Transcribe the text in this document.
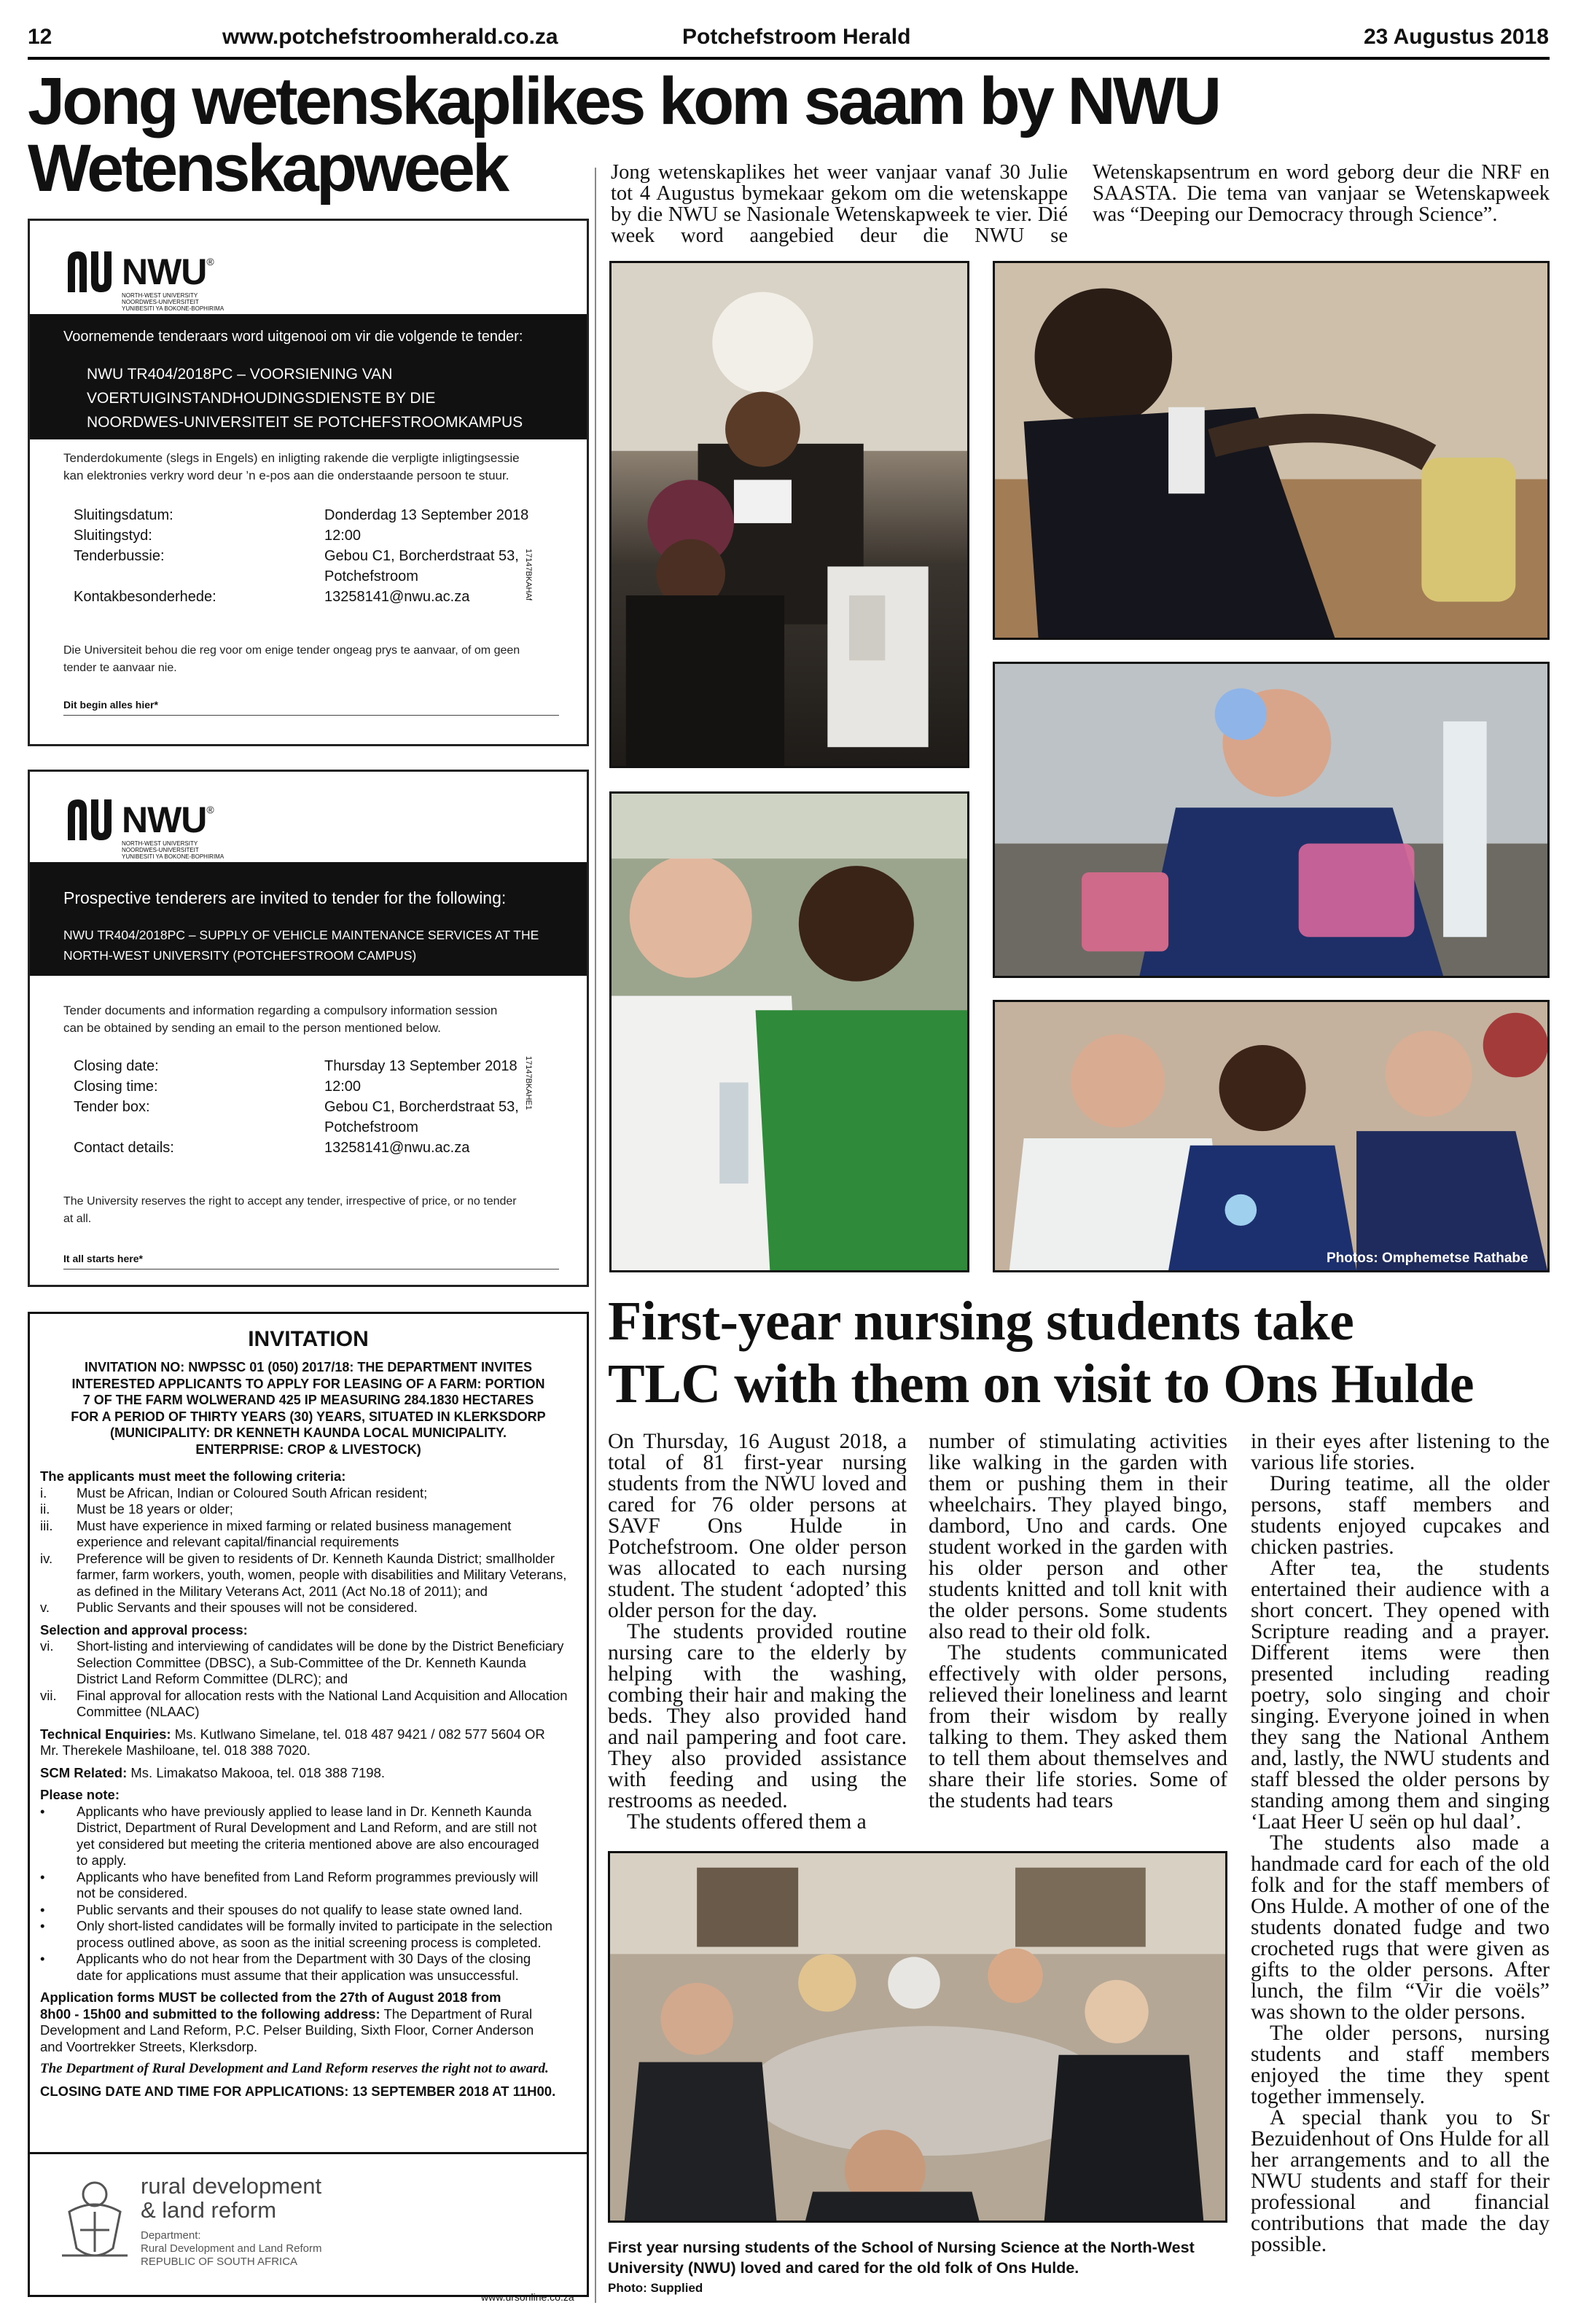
12	www.potchefstroomherald.co.za	Potchefstroom Herald	23 Augustus 2018
Jong wetenskaplikes kom saam by NWU
Wetenskapweek	Jong wetenskaplikes het weer vanjaar vanaf 30 Julie tot 4 Augustus bymekaar gekom om die wetenskappe by die NWU se Nasionale Wetenskapweek te vier. Dié week word aangebied deur die NWU se Wetenskapsentrum en word geborg deur die NRF en SAASTA. Die tema van vanjaar se Wetenskapweek was “Deeping our Democracy through Science”.

Photos: Omphemetse Rathabe
NWU ®
NORTH-WEST UNIVERSITY
NOORDWES-UNIVERSITEIT
YUNIBESITI YA BOKONE-BOPHIRIMA
Voornemende tenderaars word uitgenooi om vir die volgende te tender:
NWU TR404/2018PC – VOORSIENING VAN
VOERTUIGINSTANDHOUDINGSDIENSTE BY DIE
NOORDWES-UNIVERSITEIT SE POTCHEFSTROOMKAMPUS
Tenderdokumente (slegs in Engels) en inligting rakende die verpligte inligtingsessie
kan elektronies verkry word deur ’n e-pos aan die onderstaande persoon te stuur.
Sluitingsdatum:	Donderdag 13 September 2018
Sluitingstyd:	12:00
Tenderbussie:	Gebou C1, Borcherdstraat 53,
Potchefstroom
Kontakbesonderhede:	13258141@nwu.ac.za	17147BKAHAf
Die Universiteit behou die reg voor om enige tender ongeag prys te aanvaar, of om geen
tender te aanvaar nie.
Dit begin alles hier*
NWU ®
NORTH-WEST UNIVERSITY
NOORDWES-UNIVERSITEIT
YUNIBESITI YA BOKONE-BOPHIRIMA
Prospective tenderers are invited to tender for the following:
NWU TR404/2018PC – SUPPLY OF VEHICLE MAINTENANCE SERVICES AT THE
NORTH-WEST UNIVERSITY (POTCHEFSTROOM CAMPUS)
Tender documents and information regarding a compulsory information session
can be obtained by sending an email to the person mentioned below.
Closing date:	Thursday 13 September 2018
Closing time:	12:00
Tender box:	Gebou C1, Borcherdstraat 53,
Potchefstroom
Contact details:	13258141@nwu.ac.za
17147BKAHE1
The University reserves the right to accept any tender, irrespective of price, or no tender
at all.
It all starts here*
INVITATION
INVITATION NO: NWPSSC 01 (050) 2017/18: THE DEPARTMENT INVITES
INTERESTED APPLICANTS TO APPLY FOR LEASING OF A FARM: PORTION
7 OF THE FARM WOLWERAND 425 IP MEASURING 284.1830 HECTARES
FOR A PERIOD OF THIRTY YEARS (30) YEARS, SITUATED IN KLERKSDORP
(MUNICIPALITY: DR KENNETH KAUNDA LOCAL MUNICIPALITY.
ENTERPRISE: CROP & LIVESTOCK)
The applicants must meet the following criteria:
i.	Must be African, Indian or Coloured South African resident;
ii.	Must be 18 years or older;
iii.	Must have experience in mixed farming or related business management
experience and relevant capital/financial requirements
iv.	Preference will be given to residents of Dr. Kenneth Kaunda District; smallholder
farmer, farm workers, youth, women, people with disabilities and Military Veterans,
as defined in the Military Veterans Act, 2011 (Act No.18 of 2011); and
v.	Public Servants and their spouses will not be considered.
Selection and approval process:
vi.	Short-listing and interviewing of candidates will be done by the District Beneficiary
Selection Committee (DBSC), a Sub-Committee of the Dr. Kenneth Kaunda
District Land Reform Committee (DLRC); and
vii.	Final approval for allocation rests with the National Land Acquisition and Allocation
Committee (NLAAC)
Technical Enquiries: Ms. Kutlwano Simelane, tel. 018 487 9421 / 082 577 5604 OR
Mr. Therekele Mashiloane, tel. 018 388 7020.
SCM Related: Ms. Limakatso Makooa, tel. 018 388 7198.
Please note:
•	Applicants who have previously applied to lease land in Dr. Kenneth Kaunda
District, Department of Rural Development and Land Reform, and are still not
yet considered but meeting the criteria mentioned above are also encouraged
to apply.
•	Applicants who have benefited from Land Reform programmes previously will
not be considered.
•	Public servants and their spouses do not qualify to lease state owned land.
•	Only short-listed candidates will be formally invited to participate in the selection
process outlined above, as soon as the initial screening process is completed.
•	Applicants who do not hear from the Department with 30 Days of the closing
date for applications must assume that their application was unsuccessful.
Application forms MUST be collected from the 27th of August 2018 from
8h00 - 15h00 and submitted to the following address: The Department of Rural
Development and Land Reform, P.C. Pelser Building, Sixth Floor, Corner Anderson
and Voortrekker Streets, Klerksdorp.
The Department of Rural Development and Land Reform reserves the right not to award.
CLOSING DATE AND TIME FOR APPLICATIONS: 13 SEPTEMBER 2018 AT 11H00.
rural development
& land reform
Department:
Rural Development and Land Reform
REPUBLIC OF SOUTH AFRICA
www.ursonline.co.za
First-year nursing students take
TLC with them on visit to Ons Hulde

On Thursday, 16 August 2018, a total of 81 first-year nursing students from the NWU loved and cared for 76 older persons at SAVF Ons Hulde in Potchefstroom. One older person was allocated to each nursing student. The student ‘adopted’ this older person for the day.

The students provided routine nursing care to the elderly by helping with the washing, combing their hair and making the beds. They also provided hand and nail pampering and foot care. They also provided assistance with feeding and using the restrooms as needed.

The students offered them a

number of stimulating activities like walking in the garden with them or pushing them in their wheelchairs. They played bingo, dambord, Uno and cards. One student worked in the garden with his older person and other students knitted and toll knit with the older persons. Some students also read to their old folk.

The students communicated effectively with older persons, relieved their loneliness and learnt from their wisdom by really talking to them. They asked them to tell them about themselves and share their life stories. Some of the students had tears

in their eyes after listening to the various life stories.

During teatime, all the older persons, staff members and students enjoyed cupcakes and chicken pastries.

After tea, the students entertained their audience with a short concert. They opened with Scripture reading and a prayer. Different items were then presented including reading poetry, solo singing and choir singing. Everyone joined in when they sang the National Anthem and, lastly, the NWU students and staff blessed the older persons by standing among them and singing ‘Laat Heer U seën op hul daal’.

The students also made a handmade card for each of the old folk and for the staff members of Ons Hulde. A mother of one of the students donated fudge and two crocheted rugs that were given as gifts to the older persons. After lunch, the film “Vir die voëls” was shown to the older persons.

The older persons, nursing students and staff members enjoyed the time they spent together immensely.

A special thank you to Sr Bezuidenhout of Ons Hulde for all her arrangements and to all the NWU students and staff for their professional and financial contributions that made the day possible.

First year nursing students of the School of Nursing Science at the North-West University (NWU) loved and cared for the old folk of Ons Hulde.
Photo: Supplied
